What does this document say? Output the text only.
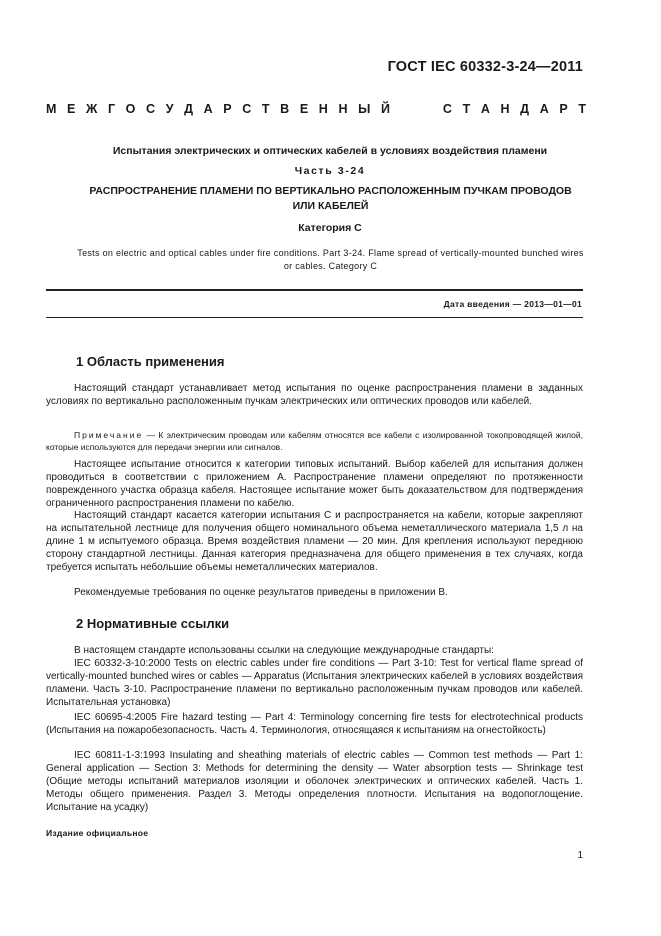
ГОСТ IEC 60332-3-24—2011
М Е Ж Г О С У Д А Р С Т В Е Н Н Ы Й

	С Т А Н Д А Р Т
Испытания электрических и оптических кабелей в условиях воздействия пламени
Часть 3-24
РАСПРОСТРАНЕНИЕ ПЛАМЕНИ ПО ВЕРТИКАЛЬНО РАСПОЛОЖЕННЫМ ПУЧКАМ ПРОВОДОВ
ИЛИ КАБЕЛЕЙ
Категория С
Tests on electric and optical cables under fire conditions. Part 3-24. Flame spread of vertically-mounted bunched wires
or cables. Category C
Дата введения — 2013—01—01
1 Область применения

Настоящий стандарт устанавливает метод испытания по оценке распространения пламени в заданных условиях по вертикально расположенным пучкам электрических или оптических проводов или кабелей.

Примечание — К электрическим проводам или кабелям относятся все кабели с изолированной токопроводящей жилой, которые используются для передачи энергии или сигналов.

Настоящее испытание относится к категории типовых испытаний. Выбор кабелей для испытания должен проводиться в соответствии с приложением А. Распространение пламени определяют по протяженности поврежденного участка образца кабеля. Настоящее испытание может быть доказательством для подтверждения ограниченного распространения пламени по кабелю.

Настоящий стандарт касается категории испытания С и распространяется на кабели, которые закрепляют на испытательной лестнице для получения общего номинального объема неметаллического материала 1,5 л на длине 1 м испытуемого образца. Время воздействия пламени — 20 мин. Для крепления используют переднюю сторону стандартной лестницы. Данная категория предназначена для общего применения в тех случаях, когда требуется испытать небольшие объемы неметаллических материалов.

Рекомендуемые требования по оценке результатов приведены в приложении В.

2 Нормативные ссылки

В настоящем стандарте использованы ссылки на следующие международные стандарты:

IEC 60332-3-10:2000 Tests on electric cables under fire conditions — Part 3-10: Test for vertical flame spread of vertically-mounted bunched wires or cables — Apparatus (Испытания электрических кабелей в условиях воздействия пламени. Часть 3-10. Распространение пламени по вертикально расположенным пучкам проводов или кабелей. Испытательная установка)

IEC 60695-4:2005 Fire hazard testing — Part 4: Terminology concerning fire tests for electrotechnical products (Испытания на пожаробезопасность. Часть 4. Терминология, относящаяся к испытаниям на огнестойкость)

IEC 60811-1-3:1993 Insulating and sheathing materials of electric cables — Common test methods — Part 1: General application — Section 3: Methods for determining the density — Water absorption tests — Shrinkage test (Общие методы испытаний материалов изоляции и оболочек электрических и оптических кабелей. Часть 1. Методы общего применения. Раздел 3. Методы определения плотности. Испытания на водопоглощение. Испытание на усадку)

Издание официальное
1
